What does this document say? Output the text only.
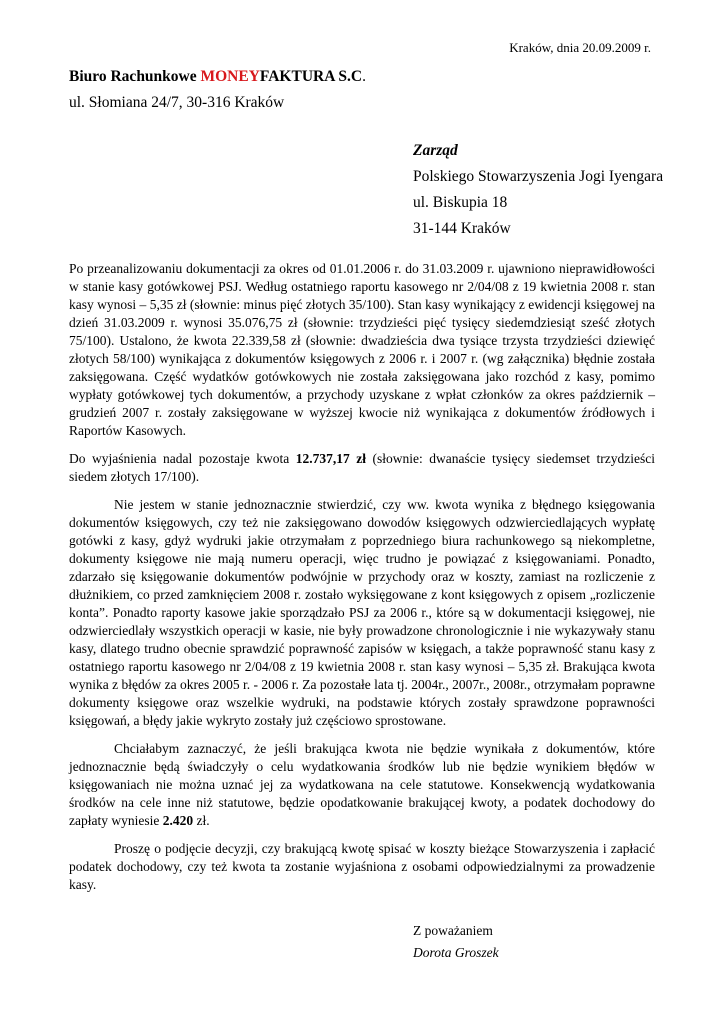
Kraków, dnia 20.09.2009 r.
Biuro Rachunkowe MONEYFAKTURA S.C.
ul. Słomiana 24/7, 30-316 Kraków
Zarząd
Polskiego Stowarzyszenia Jogi Iyengara
ul. Biskupia 18
31-144 Kraków

Po przeanalizowaniu dokumentacji za okres od 01.01.2006 r. do 31.03.2009 r. ujawniono nieprawidłowości w stanie kasy gotówkowej PSJ. Według ostatniego raportu kasowego nr 2/04/08 z 19 kwietnia 2008 r. stan kasy wynosi – 5,35 zł (słownie: minus pięć złotych 35/100). Stan kasy wynikający z ewidencji księgowej na dzień 31.03.2009 r. wynosi 35.076,75 zł (słownie: trzydzieści pięć tysięcy siedemdziesiąt sześć złotych 75/100). Ustalono, że kwota 22.339,58 zł (słownie: dwadzieścia dwa tysiące trzysta trzydzieści dziewięć złotych 58/100) wynikająca z dokumentów księgowych z 2006 r. i 2007 r. (wg załącznika) błędnie została zaksięgowana. Część wydatków gotówkowych nie została zaksięgowana jako rozchód z kasy, pomimo wypłaty gotówkowej tych dokumentów, a przychody uzyskane z wpłat członków za okres październik – grudzień 2007 r. zostały zaksięgowane w wyższej kwocie niż wynikająca z dokumentów źródłowych i Raportów Kasowych.

Do wyjaśnienia nadal pozostaje kwota 12.737,17 zł (słownie: dwanaście tysięcy siedemset trzydzieści siedem złotych 17/100).

Nie jestem w stanie jednoznacznie stwierdzić, czy ww. kwota wynika z błędnego księgowania dokumentów księgowych, czy też nie zaksięgowano dowodów księgowych odzwierciedlających wypłatę gotówki z kasy, gdyż wydruki jakie otrzymałam z poprzedniego biura rachunkowego są niekompletne, dokumenty księgowe nie mają numeru operacji, więc trudno je powiązać z księgowaniami. Ponadto, zdarzało się księgowanie dokumentów podwójnie w przychody oraz w koszty, zamiast na rozliczenie z dłużnikiem, co przed zamknięciem 2008 r. zostało wyksięgowane z kont księgowych z opisem „rozliczenie konta”. Ponadto raporty kasowe jakie sporządzało PSJ za 2006 r., które są w dokumentacji księgowej, nie odzwierciedlały wszystkich operacji w kasie, nie były prowadzone chronologicznie i nie wykazywały stanu kasy, dlatego trudno obecnie sprawdzić poprawność zapisów w księgach, a także poprawność stanu kasy z ostatniego raportu kasowego nr 2/04/08 z 19 kwietnia 2008 r. stan kasy wynosi – 5,35 zł. Brakująca kwota wynika z błędów za okres 2005 r. - 2006 r. Za pozostałe lata tj. 2004r., 2007r., 2008r., otrzymałam poprawne dokumenty księgowe oraz wszelkie wydruki, na podstawie których zostały sprawdzone poprawności księgowań, a błędy jakie wykryto zostały już częściowo sprostowane.

Chciałabym zaznaczyć, że jeśli brakująca kwota nie będzie wynikała z dokumentów, które jednoznacznie będą świadczyły o celu wydatkowania środków lub nie będzie wynikiem błędów w księgowaniach nie można uznać jej za wydatkowana na cele statutowe. Konsekwencją wydatkowania środków na cele inne niż statutowe, będzie opodatkowanie brakującej kwoty, a podatek dochodowy do zapłaty wyniesie 2.420 zł.

Proszę o podjęcie decyzji, czy brakującą kwotę spisać w koszty bieżące Stowarzyszenia i zapłacić podatek dochodowy, czy też kwota ta zostanie wyjaśniona z osobami odpowiedzialnymi za prowadzenie kasy.

Z poważaniem
Dorota Groszek
